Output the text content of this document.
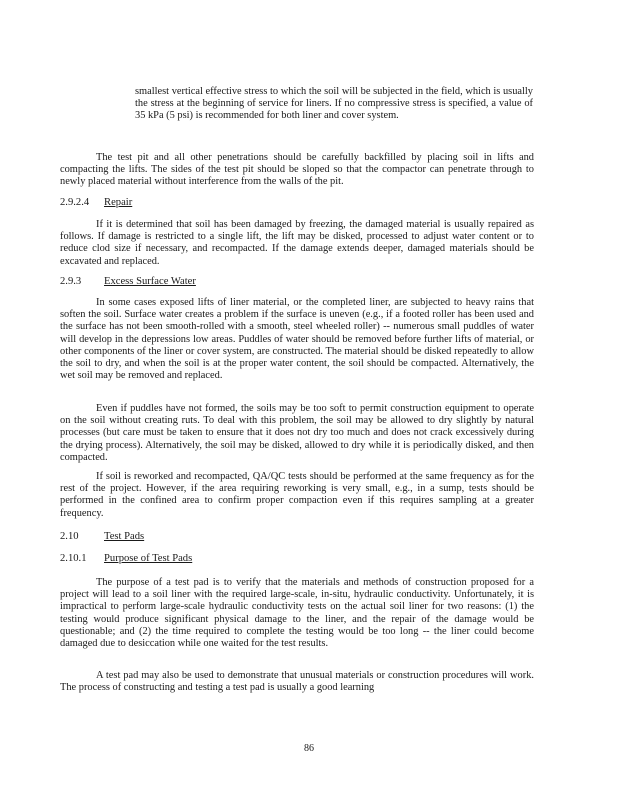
smallest vertical effective stress to which the soil will be subjected in the field, which is usually the stress at the beginning of service for liners. If no compressive stress is specified, a value of 35 kPa (5 psi) is recommended for both liner and cover system.

The test pit and all other penetrations should be carefully backfilled by placing soil in lifts and compacting the lifts. The sides of the test pit should be sloped so that the compactor can penetrate through to newly placed material without interference from the walls of the pit.

2.9.2.4 Repair

If it is determined that soil has been damaged by freezing, the damaged material is usually repaired as follows. If damage is restricted to a single lift, the lift may be disked, processed to adjust water content or to reduce clod size if necessary, and recompacted. If the damage extends deeper, damaged materials should be excavated and replaced.

2.9.3 Excess Surface Water

In some cases exposed lifts of liner material, or the completed liner, are subjected to heavy rains that soften the soil. Surface water creates a problem if the surface is uneven (e.g., if a footed roller has been used and the surface has not been smooth-rolled with a smooth, steel wheeled roller) -- numerous small puddles of water will develop in the depressions low areas. Puddles of water should be removed before further lifts of material, or other components of the liner or cover system, are constructed. The material should be disked repeatedly to allow the soil to dry, and when the soil is at the proper water content, the soil should be compacted. Alternatively, the wet soil may be removed and replaced.

Even if puddles have not formed, the soils may be too soft to permit construction equipment to operate on the soil without creating ruts. To deal with this problem, the soil may be allowed to dry slightly by natural processes (but care must be taken to ensure that it does not dry too much and does not crack excessively during the drying process). Alternatively, the soil may be disked, allowed to dry while it is periodically disked, and then compacted.

If soil is reworked and recompacted, QA/QC tests should be performed at the same frequency as for the rest of the project. However, if the area requiring reworking is very small, e.g., in a sump, tests should be performed in the confined area to confirm proper compaction even if this requires sampling at a greater frequency.

2.10 Test Pads
2.10.1 Purpose of Test Pads

The purpose of a test pad is to verify that the materials and methods of construction proposed for a project will lead to a soil liner with the required large-scale, in-situ, hydraulic conductivity. Unfortunately, it is impractical to perform large-scale hydraulic conductivity tests on the actual soil liner for two reasons: (1) the testing would produce significant physical damage to the liner, and the repair of the damage would be questionable; and (2) the time required to complete the testing would be too long -- the liner could become damaged due to desiccation while one waited for the test results.

A test pad may also be used to demonstrate that unusual materials or construction procedures will work. The process of constructing and testing a test pad is usually a good learning

86
